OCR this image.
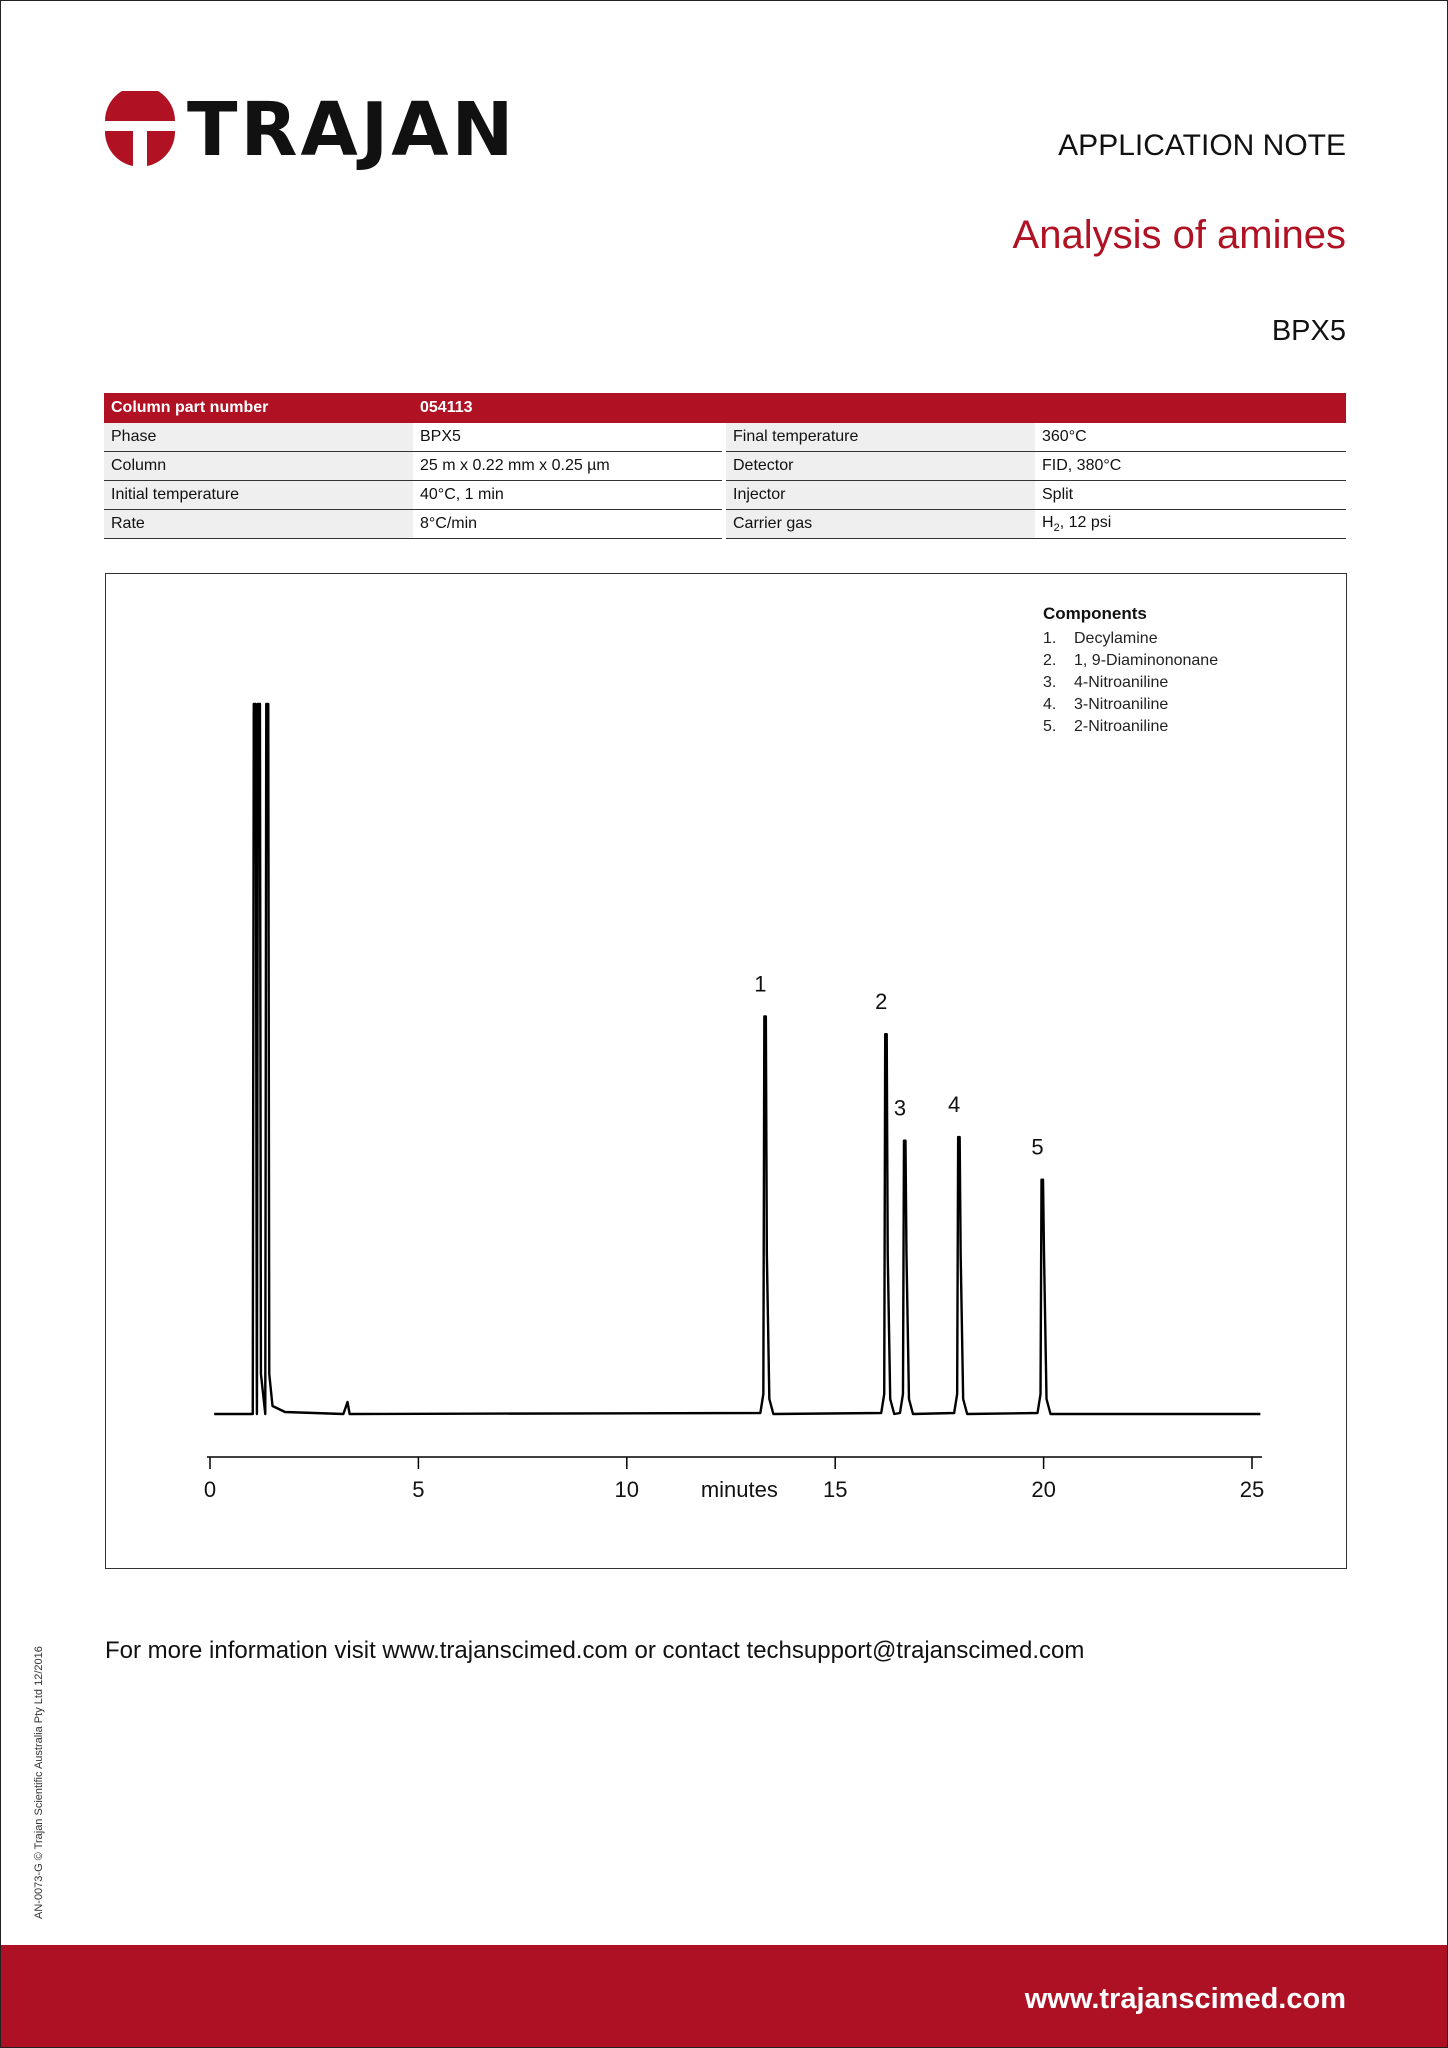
TRAJAN	APPLICATION NOTE
Analysis of amines
BPX5
Column part number	054113			
Phase	BPX5		Final temperature	360°C
Column	25 m x 0.22 mm x 0.25 µm		Detector	FID, 380°C
Initial temperature	40°C, 1 min		Injector	Split
Rate	8°C/min		Carrier gas	$H_2$, 12 psi
1
2
3 4
5
0	5	10	15	20	25
minutes
Components
1. Decylamine
2. 1, 9-Diaminononane
3. 4-Nitroaniline
4. 3-Nitroaniline
5. 2-Nitroaniline
For more information visit www.trajanscimed.com or contact techsupport@trajanscimed.com
AN-0073-G © Trajan Scientific Australia Pty Ltd 12/2016
www.trajanscimed.com
